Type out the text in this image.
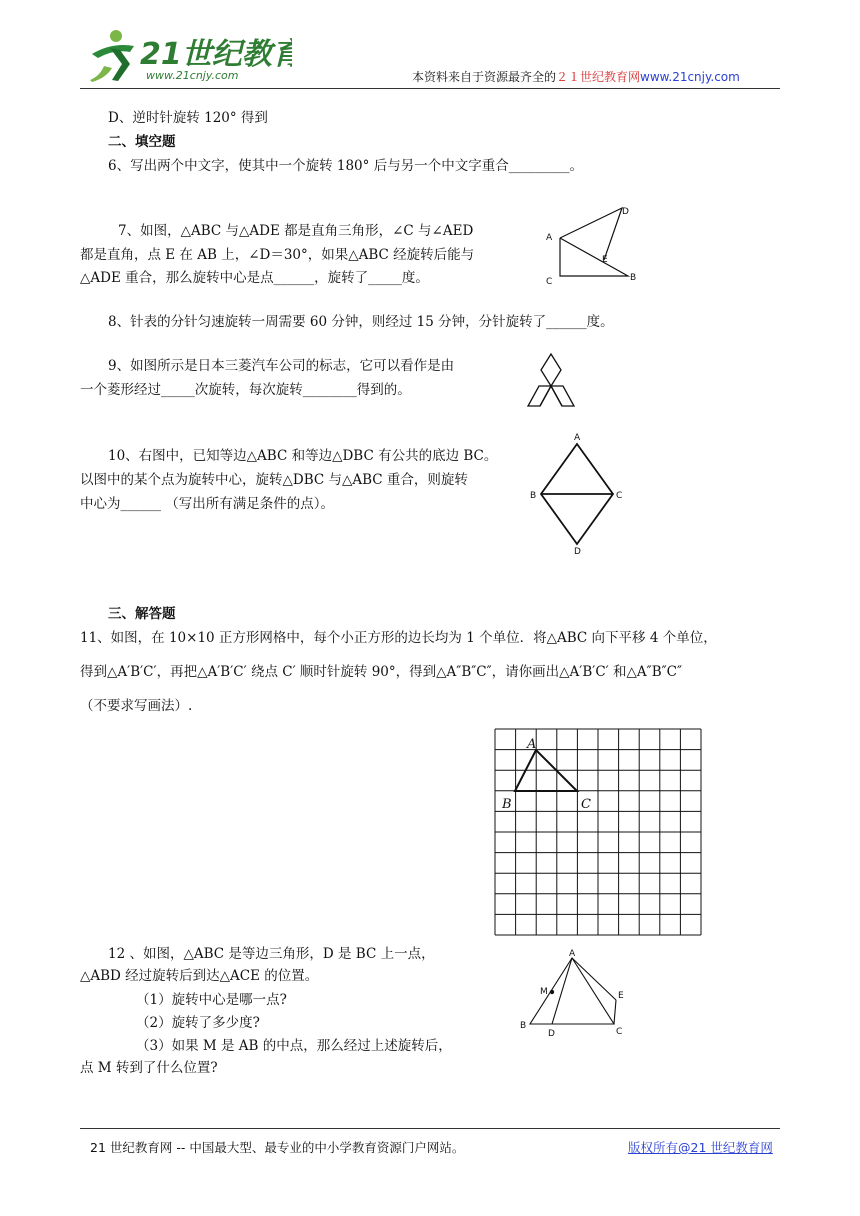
21世纪教育
www.21cnjy.com	本资料来自于资源最齐全的２１世纪教育网www.21cnjy.com
D、逆时针旋转 120° 得到
二、填空题
6、写出两个中文字，使其中一个旋转 180° 后与另一个中文字重合_________。
7、如图，△ABC 与△ADE 都是直角三角形，∠C 与∠AED
都是直角，点 E 在 AB 上，∠D＝30°，如果△ABC 经旋转后能与
△ADE 重合，那么旋转中心是点______，旋转了_____度。
8、针表的分针匀速旋转一周需要 60 分钟，则经过 15 分钟，分针旋转了______度。
9、如图所示是日本三菱汽车公司的标志，它可以看作是由
一个菱形经过_____次旋转，每次旋转________得到的。
10、右图中，已知等边△ABC 和等边△DBC 有公共的底边 BC。
以图中的某个点为旋转中心，旋转△DBC 与△ABC 重合，则旋转
中心为______ （写出所有满足条件的点）。
三、解答题
11、如图，在 10×10 正方形网格中，每个小正方形的边长均为 1 个单位．将△ABC 向下平移 4 个单位，
得到△A′B′C′，再把△A′B′C′ 绕点 C′ 顺时针旋转 90°，得到△A″B″C″，请你画出△A′B′C′ 和△A″B″C″
（不要求写画法）.
12 、如图，△ABC 是等边三角形，D 是 BC 上一点，
△ABD 经过旋转后到达△ACE 的位置。
（1）旋转中心是哪一点?
（2）旋转了多少度?
（3）如果 M 是 AB 的中点，那么经过上述旋转后，
点 M 转到了什么位置?
D
A
E
B
C
A
B	C
D
A
B	C
A
M	E
B
D	C
21 世纪教育网 -- 中国最大型、最专业的中小学教育资源门户网站。	版权所有@21 世纪教育网
